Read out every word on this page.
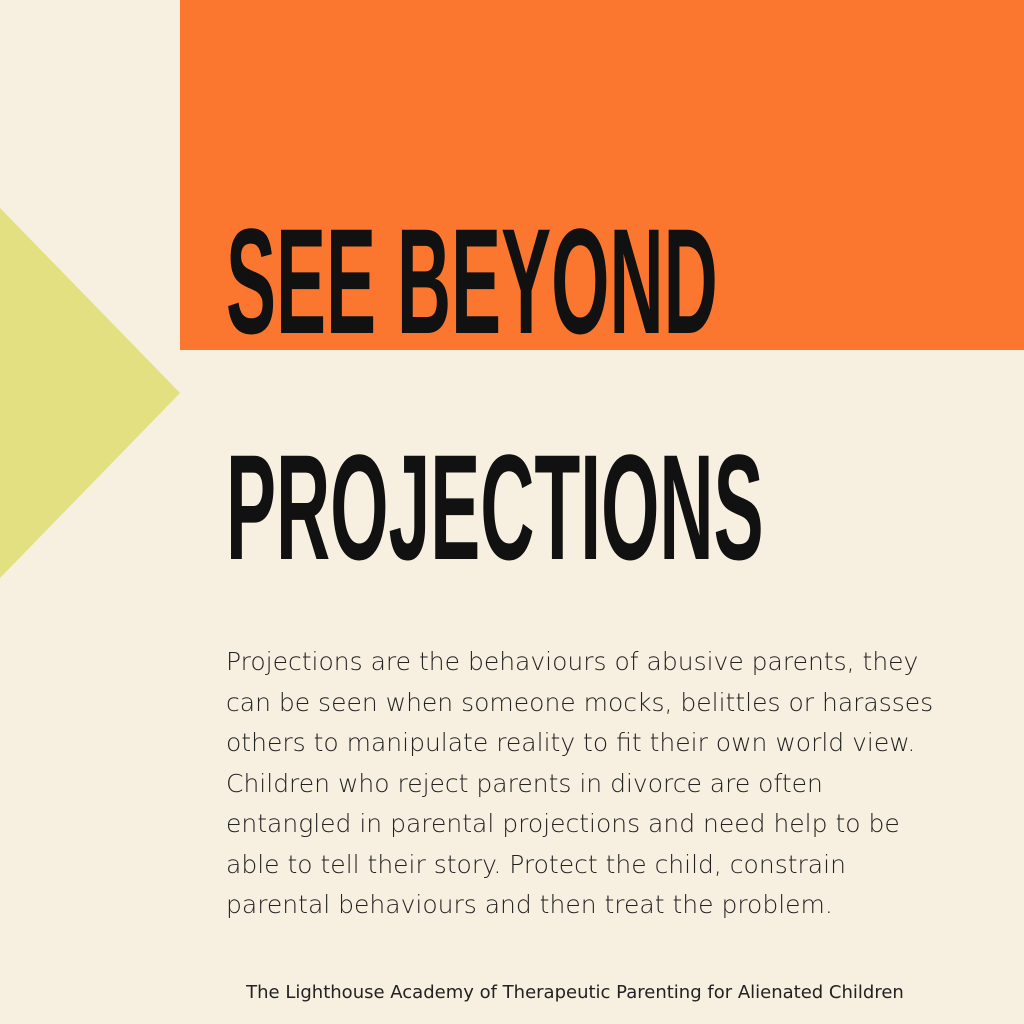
SEE BEYOND
PROJECTIONS

Projections are the behaviours of abusive parents, they can be seen when someone mocks, belittles or harasses others to manipulate reality to fit their own world view. Children who reject parents in divorce are often entangled in parental projections and need help to be able to tell their story. Protect the child, constrain parental behaviours and then treat the problem.

The Lighthouse Academy of Therapeutic Parenting for Alienated Children
